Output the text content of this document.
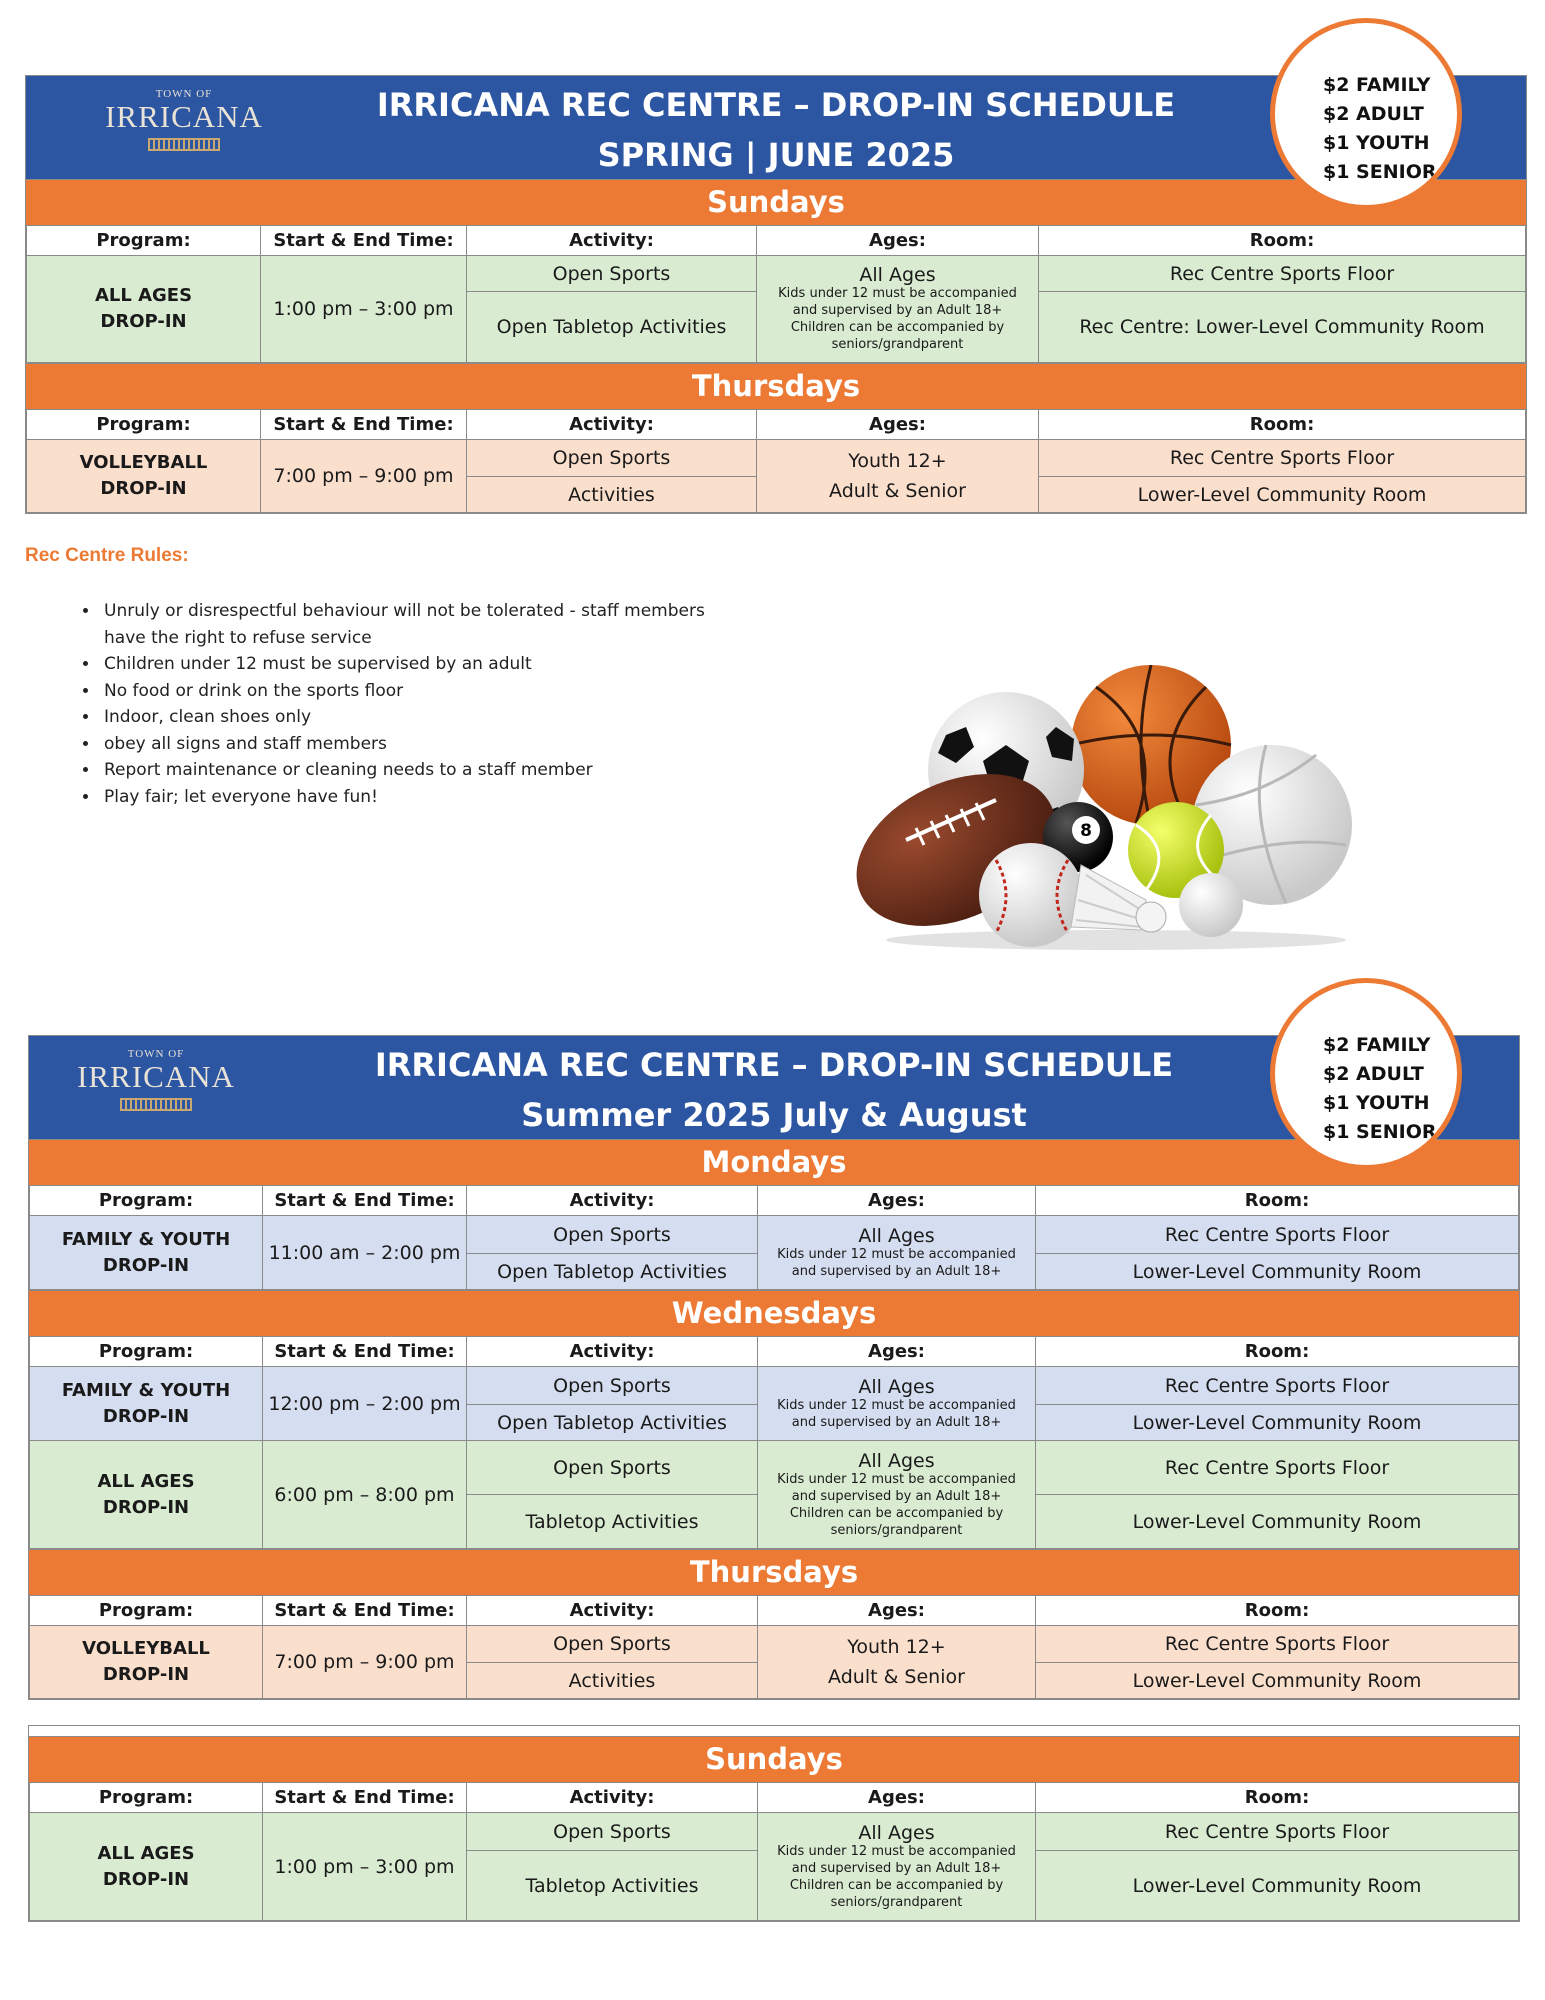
TOWN OF
IRRICANA	IRRICANA REC CENTRE – DROP-IN SCHEDULE
SPRING | JUNE 2025
Sundays
Program:	Start & End Time:	Activity:	Ages:	Room:
ALL AGES
DROP-IN	1:00 pm – 3:00 pm	Open Sports	All Ages
Kids under 12 must be accompanied
and supervised by an Adult 18+
Children can be accompanied by
seniors/grandparent	Rec Centre Sports Floor
		Open Tabletop Activities		Rec Centre: Lower-Level Community Room
Thursdays
Program:	Start & End Time:	Activity:	Ages:	Room:
VOLLEYBALL
DROP-IN	7:00 pm – 9:00 pm	Open Sports	Youth 12+
Adult & Senior	Rec Centre Sports Floor
		Activities		Lower-Level Community Room
$2 FAMILY
$2 ADULT
$1 YOUTH
$1 SENIOR
Rec Centre Rules:
• Unruly or disrespectful behaviour will not be tolerated - staff members have the right to refuse service
• Children under 12 must be supervised by an adult
• No food or drink on the sports floor
• Indoor, clean shoes only
• obey all signs and staff members
• Report maintenance or cleaning needs to a staff member
• Play fair; let everyone have fun!
8
TOWN OF
IRRICANA	IRRICANA REC CENTRE – DROP-IN SCHEDULE
Summer 2025 July & August
Mondays
Program:	Start & End Time:	Activity:	Ages:	Room:
FAMILY & YOUTH
DROP-IN	11:00 am – 2:00 pm	Open Sports	All Ages
Kids under 12 must be accompanied
and supervised by an Adult 18+	Rec Centre Sports Floor
		Open Tabletop Activities		Lower-Level Community Room
Wednesdays
Program:	Start & End Time:	Activity:	Ages:	Room:
FAMILY & YOUTH
DROP-IN	12:00 pm – 2:00 pm	Open Sports	All Ages
Kids under 12 must be accompanied
and supervised by an Adult 18+	Rec Centre Sports Floor
		Open Tabletop Activities		Lower-Level Community Room
ALL AGES
DROP-IN	6:00 pm – 8:00 pm	Open Sports	All Ages
Kids under 12 must be accompanied
and supervised by an Adult 18+
Children can be accompanied by
seniors/grandparent	Rec Centre Sports Floor
		Tabletop Activities		Lower-Level Community Room
Thursdays
Program:	Start & End Time:	Activity:	Ages:	Room:
VOLLEYBALL
DROP-IN	7:00 pm – 9:00 pm	Open Sports	Youth 12+
Adult & Senior	Rec Centre Sports Floor
		Activities		Lower-Level Community Room
$2 FAMILY
$2 ADULT
$1 YOUTH
$1 SENIOR
Sundays
Program:	Start & End Time:	Activity:	Ages:	Room:
ALL AGES
DROP-IN	1:00 pm – 3:00 pm	Open Sports	All Ages
Kids under 12 must be accompanied
and supervised by an Adult 18+
Children can be accompanied by
seniors/grandparent	Rec Centre Sports Floor
		Tabletop Activities		Lower-Level Community Room
